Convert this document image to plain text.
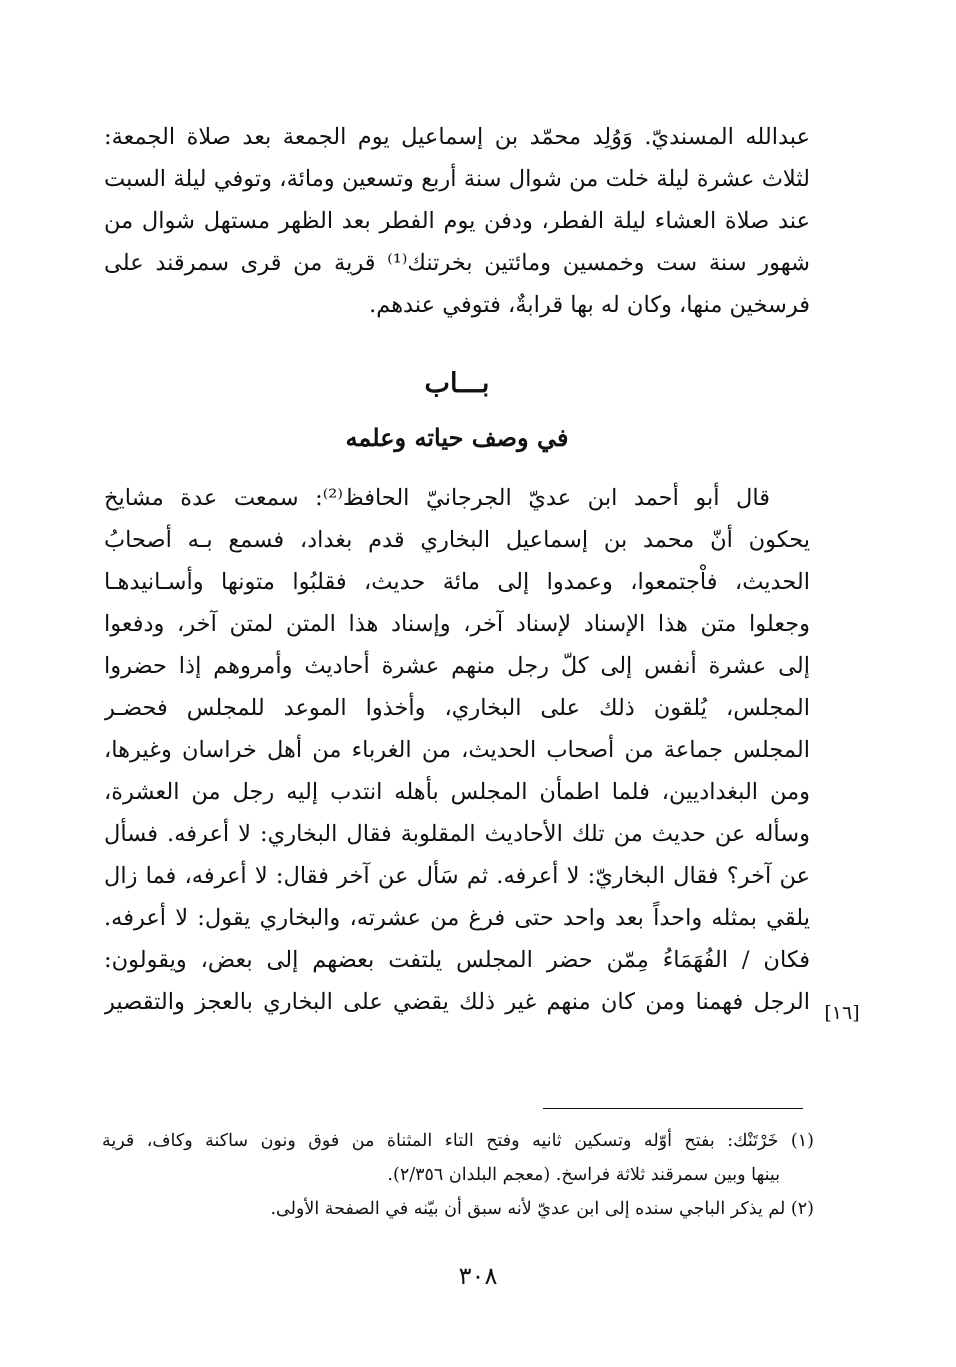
عبدالله المسنديّ. وَوُلِد محمّد بن إسماعيل يوم الجمعة بعد صلاة الجمعة:
لثلاث عشرة ليلة خلت من شوال سنة أربع وتسعين ومائة، وتوفي ليلة السبت
عند صلاة العشاء ليلة الفطر، ودفن يوم الفطر بعد الظهر مستهل شوال من
شهور سنة ست وخمسين ومائتين بخرتنك⁽¹⁾ قرية من قرى سمرقند على
فرسخين منها، وكان له بها قرابةٌ، فتوفي عندهم.
بـــاب
في وصف حياته وعلمه
قال أبو أحمد ابن عديّ الجرجانيّ الحافظ⁽²⁾: سمعت عدة مشايخ
يحكون أنّ محمد بن إسماعيل البخاري قدم بغداد، فسمع بـه أصحابُ
الحديث، فاْجتمعوا، وعمدوا إلى مائة حديث، فقلبُوا متونها وأسـانيدهـا
وجعلوا متن هذا الإسناد لإسناد آخر، وإسناد هذا المتن لمتن آخر، ودفعوا
إلى عشرة أنفس إلى كلّ رجل منهم عشرة أحاديث وأمروهم إذا حضروا
المجلس، يُلقون ذلك على البخاري، وأخذوا الموعد للمجلس فحضـر
المجلس جماعة من أصحاب الحديث، من الغرباء من أهل خراسان وغيرها،
ومن البغداديين، فلما اطمأن المجلس بأهله انتدب إليه رجل من العشرة،
وسأله عن حديث من تلك الأحاديث المقلوبة فقال البخاري: لا أعرفه. فسأل
عن آخر؟ فقال البخاريّ: لا أعرفه. ثم سَأل عن آخر فقال: لا أعرفه، فما زال
يلقي بمثله واحداً بعد واحد حتى فرغ من عشرته، والبخاري يقول: لا أعرفه.
فكان / الفُهَمَاءُ مِمّن حضر المجلس يلتفت بعضهم إلى بعض، ويقولون:
الرجل فهمنا ومن كان منهم غير ذلك يقضي على البخاري بالعجز والتقصير [١٦]
(١) خَرْتَنْك: بفتح أوّله وتسكين ثانيه وفتح التاء المثناة من فوق ونون ساكنة وكاف، قرية
بينها وبين سمرقند ثلاثة فراسخ. (معجم البلدان ٢/٣٥٦).
(٢) لم يذكر الباجي سنده إلى ابن عديّ لأنه سبق أن بيّنه في الصفحة الأولى.
٣٠٨
